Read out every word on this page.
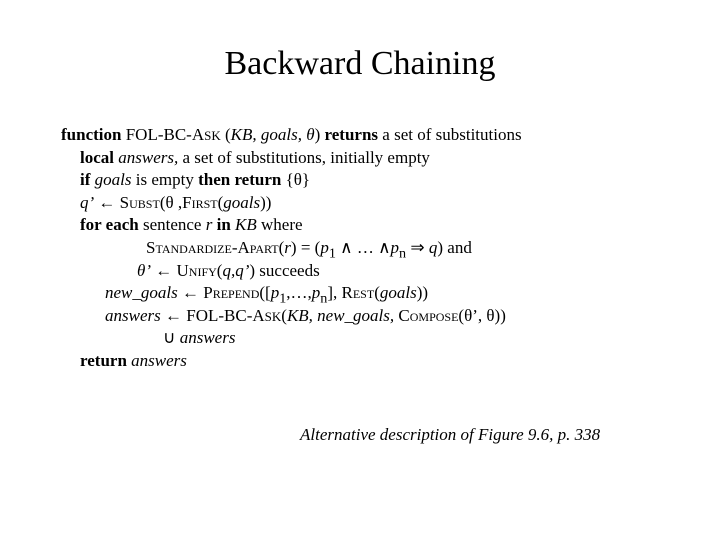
Backward Chaining
function FOL-BC-ASK (KB, goals, θ) returns a set of substitutions
local answers, a set of substitutions, initially empty
if goals is empty then return {θ}
q’ ← Subst(θ ,First(goals))
for each sentence r in KB where
Standardize-Apart(r) = ($p_1$ ∧ … $\wedge p_n$ ⇒ q) and
θ’ ← Unify(q,q’) succeeds
new_goals ← $Prepend([p_1,\dots,p_n]$, Rest(goals))
answers ← FOL-BC-ASK(KB, new_goals, Compose(θ’, θ))
∪ answers
return answers
Alternative description of Figure 9.6, p. 338
